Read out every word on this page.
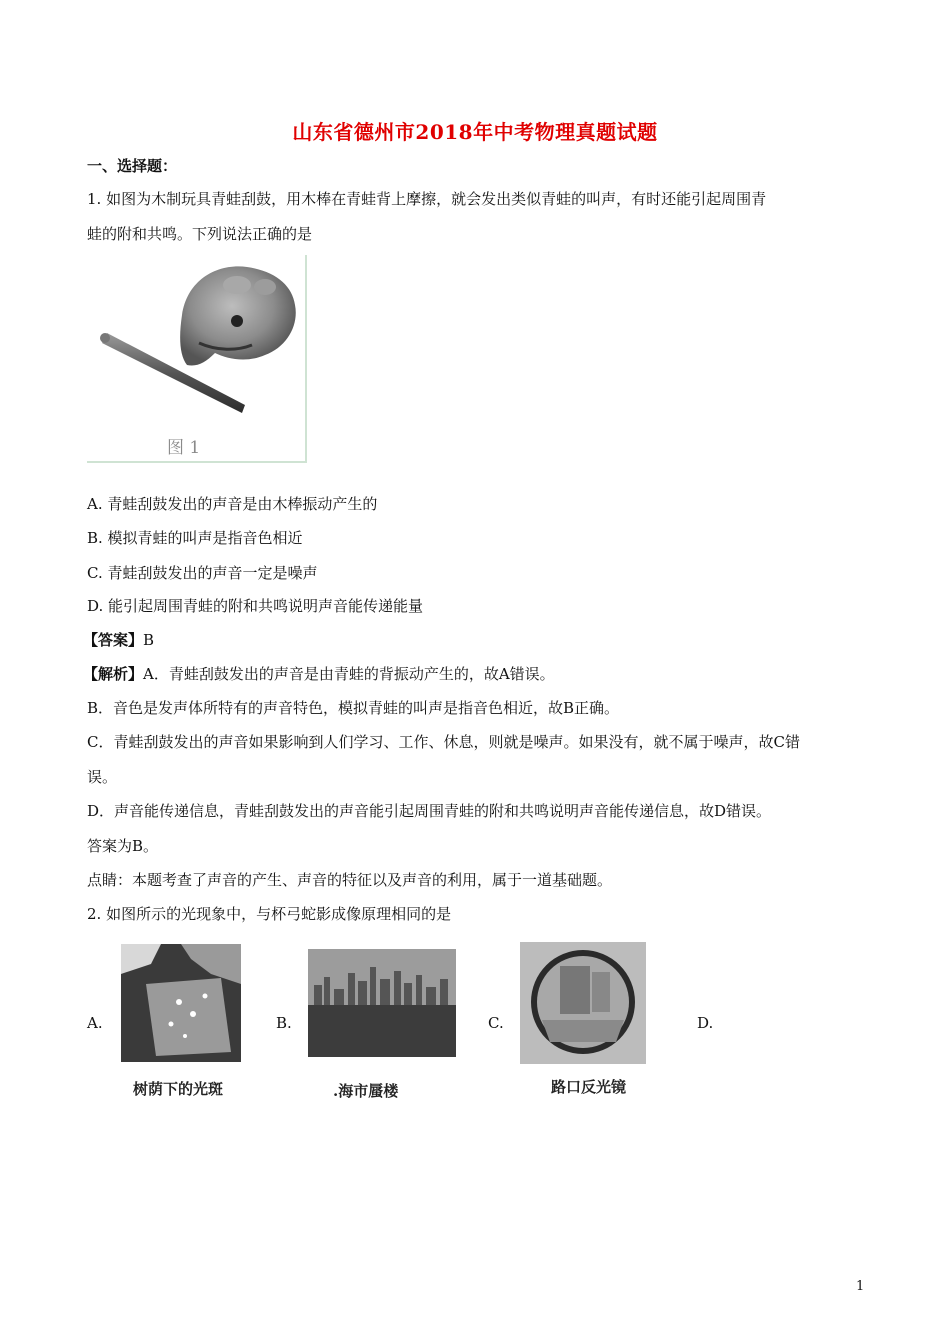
山东省德州市2018年中考物理真题试题
一、选择题：
1. 如图为木制玩具青蛙刮鼓，用木棒在青蛙背上摩擦，就会发出类似青蛙的叫声，有时还能引起周围青
蛙的附和共鸣。下列说法正确的是
图 1
A. 青蛙刮鼓发出的声音是由木棒振动产生的
B. 模拟青蛙的叫声是指音色相近
C. 青蛙刮鼓发出的声音一定是噪声
D. 能引起周围青蛙的附和共鸣说明声音能传递能量
【答案】B
【解析】A．青蛙刮鼓发出的声音是由青蛙的背振动产生的，故A错误。
B．音色是发声体所特有的声音特色，模拟青蛙的叫声是指音色相近，故B正确。
C．青蛙刮鼓发出的声音如果影响到人们学习、工作、休息，则就是噪声。如果没有，就不属于噪声，故C错
误。
D．声音能传递信息，青蛙刮鼓发出的声音能引起周围青蛙的附和共鸣说明声音能传递信息，故D错误。
答案为B。
点睛：本题考查了声音的产生、声音的特征以及声音的利用，属于一道基础题。
2. 如图所示的光现象中，与杯弓蛇影成像原理相同的是
A.
树荫下的光斑
B.
.海市蜃楼
C.
路口反光镜
D.
1
